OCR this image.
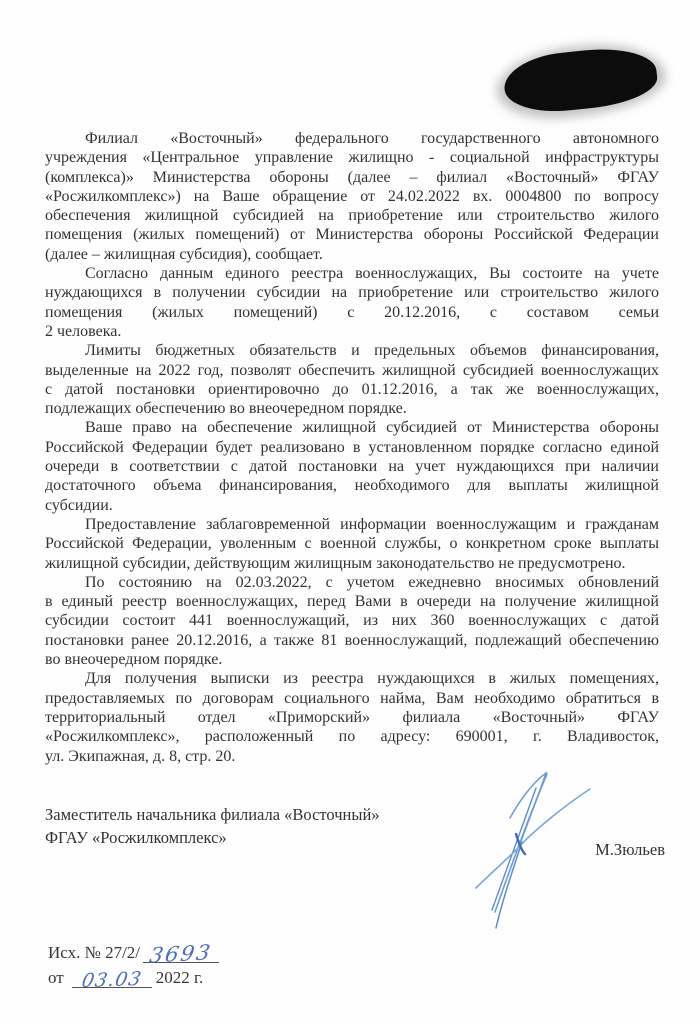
Филиал «Восточный» федерального государственного автономного
учреждения «Центральное управление жилищно - социальной инфраструктуры
(комплекса)» Министерства обороны (далее – филиал «Восточный» ФГАУ
«Росжилкомплекс») на Ваше обращение от 24.02.2022 вх. 0004800 по вопросу
обеспечения жилищной субсидией на приобретение или строительство жилого
помещения (жилых помещений) от Министерства обороны Российской Федерации
(далее – жилищная субсидия), сообщает.
Согласно данным единого реестра военнослужащих, Вы состоите на учете
нуждающихся в получении субсидии на приобретение или строительство жилого
помещения (жилых помещений) с 20.12.2016, с составом семьи
2 человека.
Лимиты бюджетных обязательств и предельных объемов финансирования,
выделенные на 2022 год, позволят обеспечить жилищной субсидией военнослужащих
с датой постановки ориентировочно до 01.12.2016, а так же военнослужащих,
подлежащих обеспечению во внеочередном порядке.
Ваше право на обеспечение жилищной субсидией от Министерства обороны
Российской Федерации будет реализовано в установленном порядке согласно единой
очереди в соответствии с датой постановки на учет нуждающихся при наличии
достаточного объема финансирования, необходимого для выплаты жилищной
субсидии.
Предоставление заблаговременной информации военнослужащим и гражданам
Российской Федерации, уволенным с военной службы, о конкретном сроке выплаты
жилищной субсидии, действующим жилищным законодательство не предусмотрено.
По состоянию на 02.03.2022, с учетом ежедневно вносимых обновлений
в единый реестр военнослужащих, перед Вами в очереди на получение жилищной
субсидии состоит 441 военнослужащий, из них 360 военнослужащих с датой
постановки ранее 20.12.2016, а также 81 военнослужащий, подлежащий обеспечению
во внеочередном порядке.
Для получения выписки из реестра нуждающихся в жилых помещениях,
предоставляемых по договорам социального найма, Вам необходимо обратиться в
территориальный отдел «Приморский» филиала «Восточный» ФГАУ
«Росжилкомплекс», расположенный по адресу: 690001, г. Владивосток,
ул. Экипажная, д. 8, стр. 20.
Заместитель начальника филиала «Восточный»
ФГАУ «Росжилкомплекс»
М.Зюльев
Исх. № 27/2/ 3693
от 03.03 2022 г.
